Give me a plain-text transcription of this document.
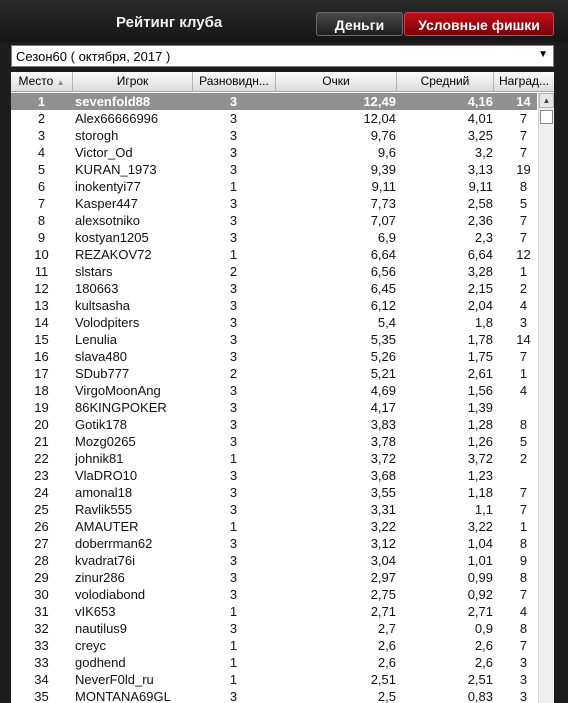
Рейтинг клуба	Деньги	Условные фишки
Сезон60 ( октября, 2017 )	▼
Место ▲	Игрок	Разновидн...	Очки	Средний	Наград...
1	sevenfold88	3	12,49	4,16	14
2	Alex66666996	3	12,04	4,01	7
3	storogh	3	9,76	3,25	7
4	Victor_Od	3	9,6	3,2	7
5	KURAN_1973	3	9,39	3,13	19
6	inokentyi77	1	9,11	9,11	8
7	Kasper447	3	7,73	2,58	5
8	alexsotniko	3	7,07	2,36	7
9	kostyan1205	3	6,9	2,3	7
10	REZAKOV72	1	6,64	6,64	12
11	slstars	2	6,56	3,28	1
12	180663	3	6,45	2,15	2
13	kultsasha	3	6,12	2,04	4
14	Volodpiters	3	5,4	1,8	3
15	Lenulia	3	5,35	1,78	14
16	slava480	3	5,26	1,75	7
17	SDub777	2	5,21	2,61	1
18	VirgoMoonAng	3	4,69	1,56	4
19	86KINGPOKER	3	4,17	1,39
20	Gotik178	3	3,83	1,28	8
21	Mozg0265	3	3,78	1,26	5
22	johnik81	1	3,72	3,72	2
23	VlaDRO10	3	3,68	1,23
24	amonal18	3	3,55	1,18	7
25	Ravlik555	3	3,31	1,1	7
26	AMAUTER	1	3,22	3,22	1
27	doberrman62	3	3,12	1,04	8
28	kvadrat76i	3	3,04	1,01	9
29	zinur286	3	2,97	0,99	8
30	volodiabond	3	2,75	0,92	7
31	vIK653	1	2,71	2,71	4
32	nautilus9	3	2,7	0,9	8
33	creyc	1	2,6	2,6	7
33	godhend	1	2,6	2,6	3
34	NeverF0ld_ru	1	2,51	2,51	3
35	MONTANA69GL	3	2,5	0,83	3
▲
